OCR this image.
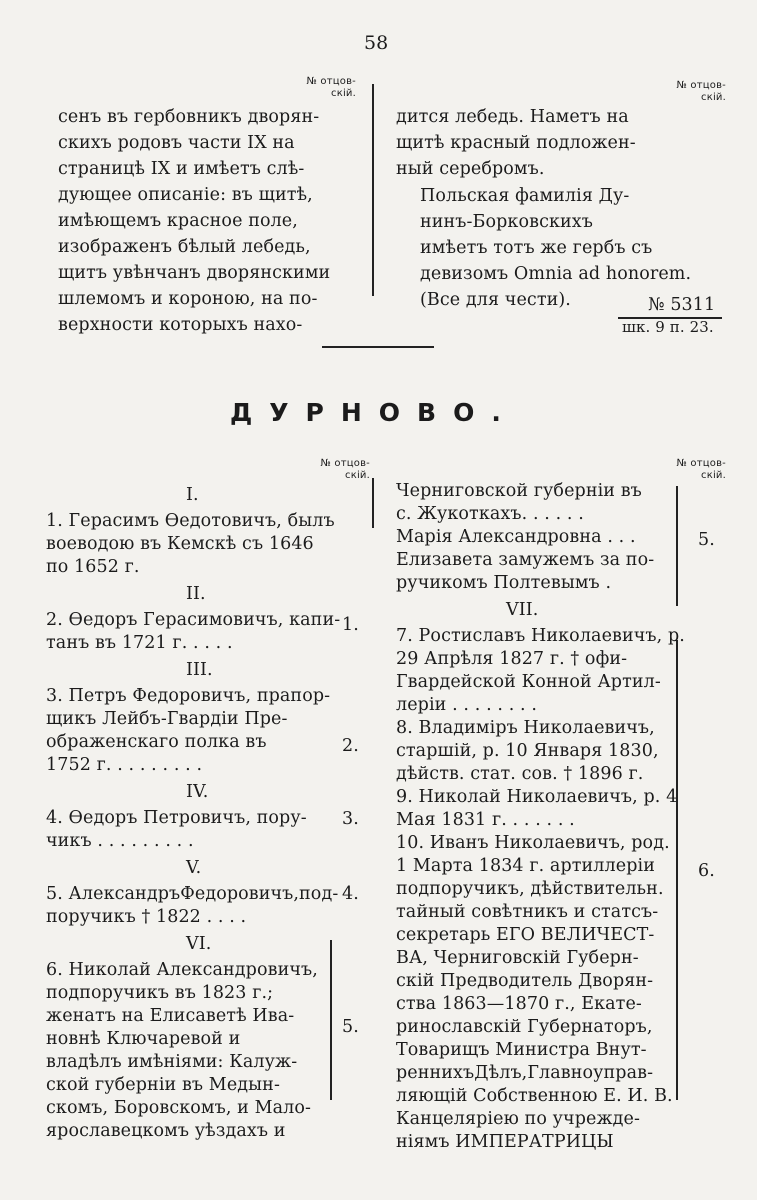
58
№ отцов-
скій.
№ отцов-
скій.
сенъ въ гербовникъ дворян-
скихъ родовъ части IX на
страницѣ IX и имѣетъ слѣ-
дующее описаніе: въ щитѣ,
имѣющемъ красное поле,
изображенъ бѣлый лебедь,
щитъ увѣнчанъ дворянскими
шлемомъ и короною, на по-
верхности которыхъ нахо-
дится лебедь. Наметъ на
щитѣ красный подложен-
ный серебромъ.
Польская фамилія Ду-
нинъ-Борковскихъ
имѣетъ тотъ же гербъ съ
девизомъ Omnia ad honorem.
(Все для чести).	№ 5311
шк. 9 п. 23.
ДУРНОВО.
№ отцов-
скій.
№ отцов-
скій.
I.
1. Герасимъ Ѳедотовичъ, былъ
воеводою въ Кемскѣ съ 1646
по 1652 г.
II.
2. Ѳедоръ Герасимовичъ, капи-
танъ въ 1721 г. . . . .
III.
3. Петръ Федоровичъ, прапор-
щикъ Лейбъ-Гвардіи Пре-
ображенскаго полка въ
1752 г. . . . . . . . .
IV.
4. Ѳедоръ Петровичъ, пору-
чикъ . . . . . . . . .
V.
5. АлександръФедоровичъ,под-
поручикъ † 1822 . . . .
VI.
6. Николай Александровичъ,
подпоручикъ въ 1823 г.;
женатъ на Елисаветѣ Ива-
новнѣ Ключаревой и
владѣлъ имѣніями: Калуж-
ской губерніи въ Медын-
скомъ, Боровскомъ, и Мало-
ярославецкомъ уѣздахъ и
Черниговской губерніи въ
с. Жукоткахъ. . . . . .
Марія Александровна . . .
Елизавета замужемъ за по-
ручикомъ Полтевымъ .
VII.
7. Ростиславъ Николаевичъ, р.
29 Апрѣля 1827 г. † офи-
Гвардейской Конной Артил-
леріи . . . . . . . .
8. Владиміръ Николаевичъ,
старшій, р. 10 Января 1830,
дѣйств. стат. сов. † 1896 г.
9. Николай Николаевичъ, р. 4
Мая 1831 г. . . . . . .
10. Иванъ Николаевичъ, род.
1 Марта 1834 г. артиллеріи
подпоручикъ, дѣйствительн.
тайный совѣтникъ и статсъ-
секретарь ЕГО ВЕЛИЧЕСТ-
ВА, Черниговскій Губерн-
скій Предводитель Дворян-
ства 1863—1870 г., Екате-
ринославскій Губернаторъ,
Товарищъ Министра Внут-
реннихъДѣлъ,Главноуправ-
ляющій Собственною Е. И. В.
Канцеляріею по учрежде-
ніямъ ИМПЕРАТРИЦЫ
1.
2.
3.
4.
5.
5.
6.
